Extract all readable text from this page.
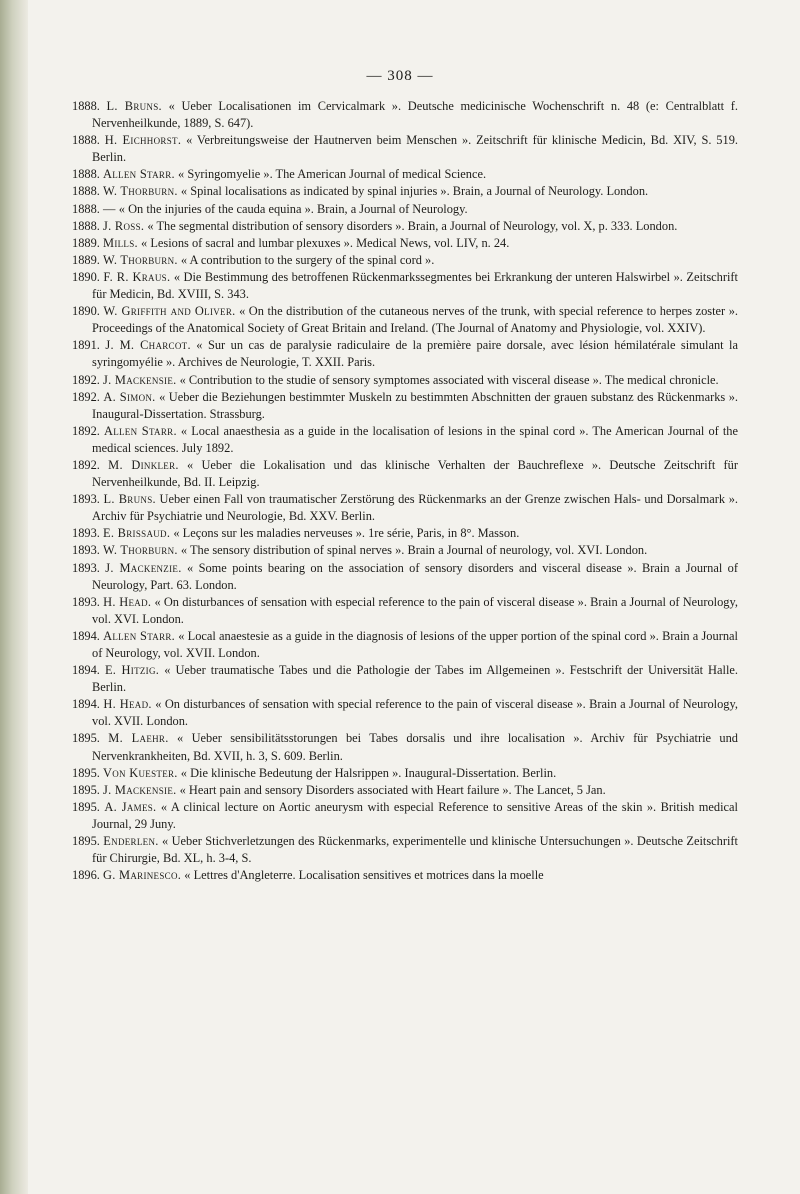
— 308 —

1888. L. Bruns. « Ueber Localisationen im Cervicalmark ». Deutsche medicinische Wochenschrift n. 48 (e: Centralblatt f. Nervenheilkunde, 1889, S. 647).

1888. H. Eichhorst. « Verbreitungsweise der Hautnerven beim Menschen ». Zeitschrift für klinische Medicin, Bd. XIV, S. 519. Berlin.

1888. Allen Starr. « Syringomyelie ». The American Journal of medical Science.

1888. W. Thorburn. « Spinal localisations as indicated by spinal injuries ». Brain, a Journal of Neurology. London.

1888. — « On the injuries of the cauda equina ». Brain, a Journal of Neurology.

1888. J. Ross. « The segmental distribution of sensory disorders ». Brain, a Journal of Neurology, vol. X, p. 333. London.

1889. Mills. « Lesions of sacral and lumbar plexuxes ». Medical News, vol. LIV, n. 24.

1889. W. Thorburn. « A contribution to the surgery of the spinal cord ».

1890. F. R. Kraus. « Die Bestimmung des betroffenen Rückenmarkssegmentes bei Erkrankung der unteren Halswirbel ». Zeitschrift für Medicin, Bd. XVIII, S. 343.

1890. W. Griffith and Oliver. « On the distribution of the cutaneous nerves of the trunk, with special reference to herpes zoster ». Proceedings of the Anatomical Society of Great Britain and Ireland. (The Journal of Anatomy and Physiologie, vol. XXIV).

1891. J. M. Charcot. « Sur un cas de paralysie radiculaire de la première paire dorsale, avec lésion hémilatérale simulant la syringomyélie ». Archives de Neurologie, T. XXII. Paris.

1892. J. Mackensie. « Contribution to the studie of sensory symptomes associated with visceral disease ». The medical chronicle.

1892. A. Simon. « Ueber die Beziehungen bestimmter Muskeln zu bestimmten Abschnitten der grauen substanz des Rückenmarks ». Inaugural-Dissertation. Strassburg.

1892. Allen Starr. « Local anaesthesia as a guide in the localisation of lesions in the spinal cord ». The American Journal of the medical sciences. July 1892.

1892. M. Dinkler. « Ueber die Lokalisation und das klinische Verhalten der Bauchreflexe ». Deutsche Zeitschrift für Nervenheilkunde, Bd. II. Leipzig.

1893. L. Bruns. Ueber einen Fall von traumatischer Zerstörung des Rückenmarks an der Grenze zwischen Hals- und Dorsalmark ». Archiv für Psychiatrie und Neurologie, Bd. XXV. Berlin.

1893. E. Brissaud. « Leçons sur les maladies nerveuses ». 1re série, Paris, in 8°. Masson.

1893. W. Thorburn. « The sensory distribution of spinal nerves ». Brain a Journal of neurology, vol. XVI. London.

1893. J. Mackenzie. « Some points bearing on the association of sensory disorders and visceral disease ». Brain a Journal of Neurology, Part. 63. London.

1893. H. Head. « On disturbances of sensation with especial reference to the pain of visceral disease ». Brain a Journal of Neurology, vol. XVI. London.

1894. Allen Starr. « Local anaestesie as a guide in the diagnosis of lesions of the upper portion of the spinal cord ». Brain a Journal of Neurology, vol. XVII. London.

1894. E. Hitzig. « Ueber traumatische Tabes und die Pathologie der Tabes im Allgemeinen ». Festschrift der Universität Halle. Berlin.

1894. H. Head. « On disturbances of sensation with special reference to the pain of visceral disease ». Brain a Journal of Neurology, vol. XVII. London.

1895. M. Laehr. « Ueber sensibilitätsstorungen bei Tabes dorsalis und ihre localisation ». Archiv für Psychiatrie und Nervenkrankheiten, Bd. XVII, h. 3, S. 609. Berlin.

1895. Von Kuester. « Die klinische Bedeutung der Halsrippen ». Inaugural-Dissertation. Berlin.

1895. J. Mackensie. « Heart pain and sensory Disorders associated with Heart failure ». The Lancet, 5 Jan.

1895. A. James. « A clinical lecture on Aortic aneurysm with especial Reference to sensitive Areas of the skin ». British medical Journal, 29 Juny.

1895. Enderlen. « Ueber Stichverletzungen des Rückenmarks, experimentelle und klinische Untersuchungen ». Deutsche Zeitschrift für Chirurgie, Bd. XL, h. 3-4, S.

1896. G. Marinesco. « Lettres d'Angleterre. Localisation sensitives et motrices dans la moelle
